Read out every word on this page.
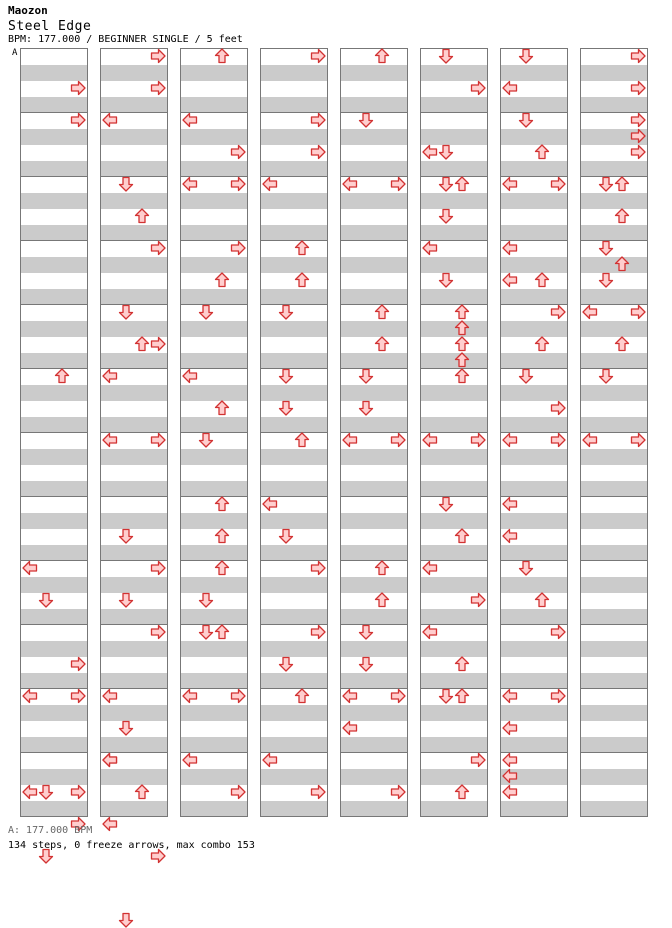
Maozon
Steel Edge
BPM: 177.000 / BEGINNER SINGLE / 5 feet
A
A: 177.000 BPM
134 steps, 0 freeze arrows, max combo 153
